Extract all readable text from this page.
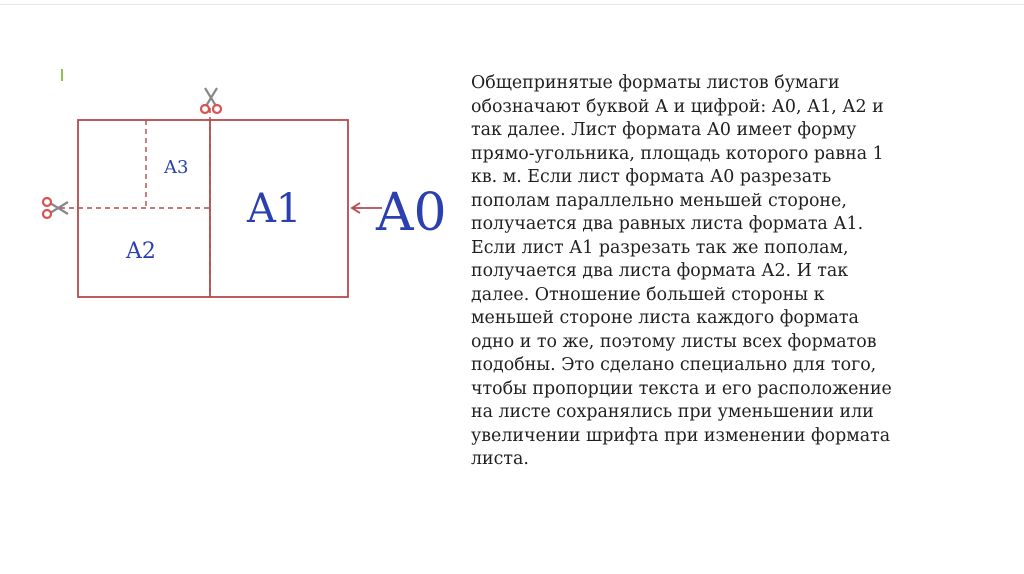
A3
A2
A1 A0

Общепринятые форматы листов бумаги
обозначают буквой А и цифрой: А0, А1, А2 и
так далее. Лист формата А0 имеет форму
прямо-угольника, площадь которого равна 1
кв. м. Если лист формата А0 разрезать
пополам параллельно меньшей стороне,
получается два равных листа формата А1.
Если лист А1 разрезать так же пополам,
получается два листа формата А2. И так
далее. Отношение большей стороны к
меньшей стороне листа каждого формата
одно и то же, поэтому листы всех форматов
подобны. Это сделано специально для того,
чтобы пропорции текста и его расположение
на листе сохранялись при уменьшении или
увеличении шрифта при изменении формата
листа.
